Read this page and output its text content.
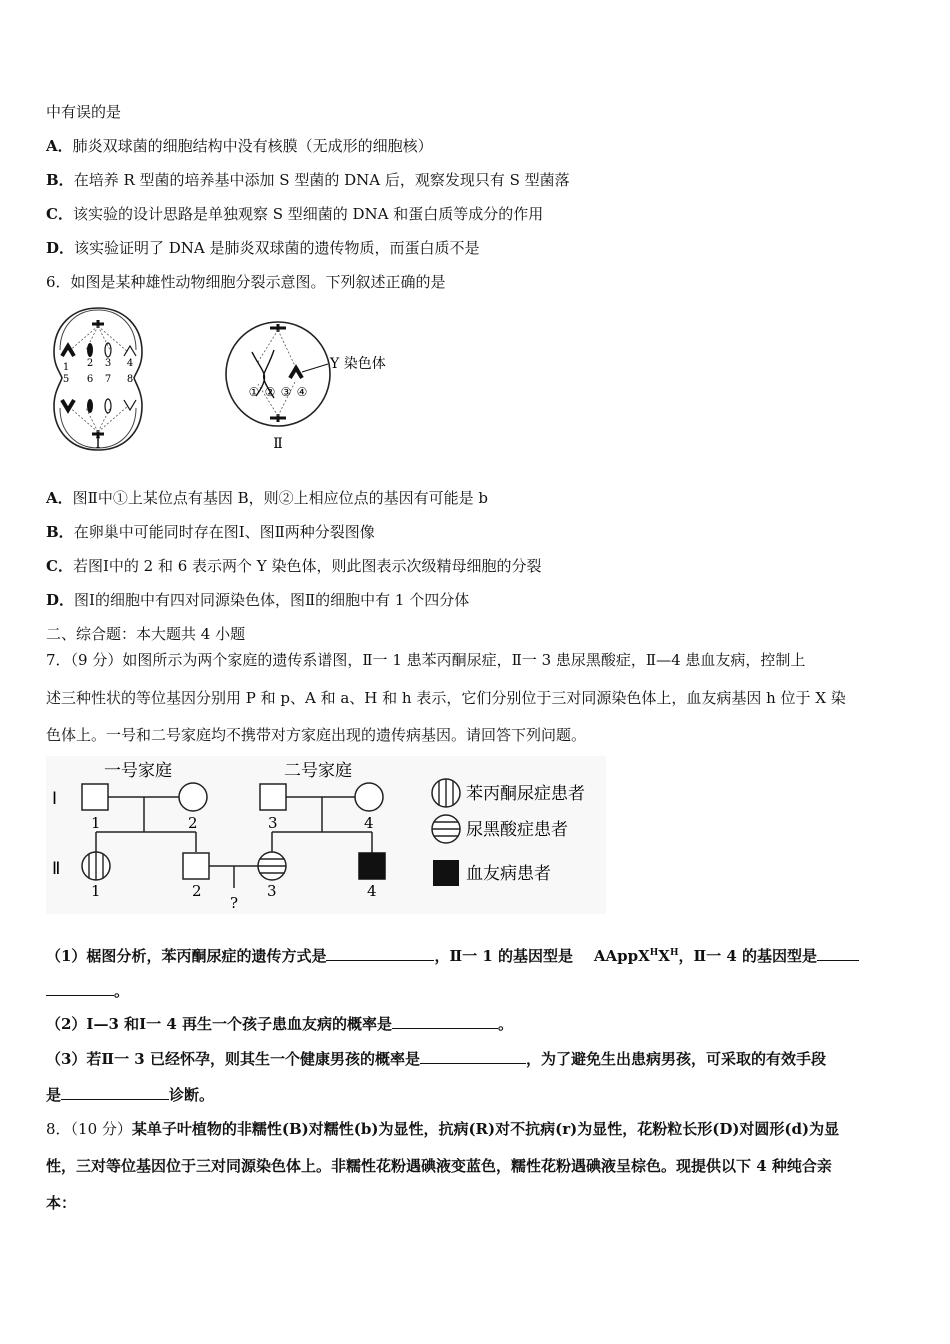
中有误的是
A．肺炎双球菌的细胞结构中没有核膜（无成形的细胞核）
B．在培养 R 型菌的培养基中添加 S 型菌的 DNA 后，观察发现只有 S 型菌落
C．该实验的设计思路是单独观察 S 型细菌的 DNA 和蛋白质等成分的作用
D．该实验证明了 DNA 是肺炎双球菌的遗传物质，而蛋白质不是
6．如图是某种雄性动物细胞分裂示意图。下列叙述正确的是
1 2 3 4
5 6 7 8
Ⅰ
Y 染色体
① ② ③ ④
Ⅱ
A．图Ⅱ中①上某位点有基因 B，则②上相应位点的基因有可能是 b
B．在卵巢中可能同时存在图Ⅰ、图Ⅱ两种分裂图像
C．若图Ⅰ中的 2 和 6 表示两个 Y 染色体，则此图表示次级精母细胞的分裂
D．图Ⅰ的细胞中有四对同源染色体，图Ⅱ的细胞中有 1 个四分体
二、综合题：本大题共 4 小题
7．（9 分）如图所示为两个家庭的遗传系谱图，Ⅱ一 1 患苯丙酮尿症，Ⅱ一 3 患尿黑酸症，Ⅱ—4 患血友病，控制上
述三种性状的等位基因分别用 P 和 p、A 和 a、H 和 h 表示，它们分别位于三对同源染色体上，血友病基因 h 位于 X 染
色体上。一号和二号家庭均不携带对方家庭出现的遗传病基因。请回答下列问题。
一号家庭	二号家庭
Ⅰ
Ⅱ
1	2
1	2
?
3	4
3	4
苯丙酮尿症患者
尿黑酸症患者
血友病患者
（1）椐图分析，苯丙酮尿症的遗传方式是	，Ⅱ一 1 的基因型是 $AAppX^HX^H$，Ⅱ一 4 的基因型是
。
（2）Ⅰ—3 和Ⅰ一 4 再生一个孩子患血友病的概率是	。
（3）若Ⅱ一 3 已经怀孕，则其生一个健康男孩的概率是	，为了避免生出患病男孩，可采取的有效手段
是	诊断。
8．（10 分）某单子叶植物的非糯性(B)对糯性(b)为显性，抗病(R)对不抗病(r)为显性，花粉粒长形(D)对圆形(d)为显
性，三对等位基因位于三对同源染色体上。非糯性花粉遇碘液变蓝色，糯性花粉遇碘液呈棕色。现提供以下 4 种纯合亲
本：
